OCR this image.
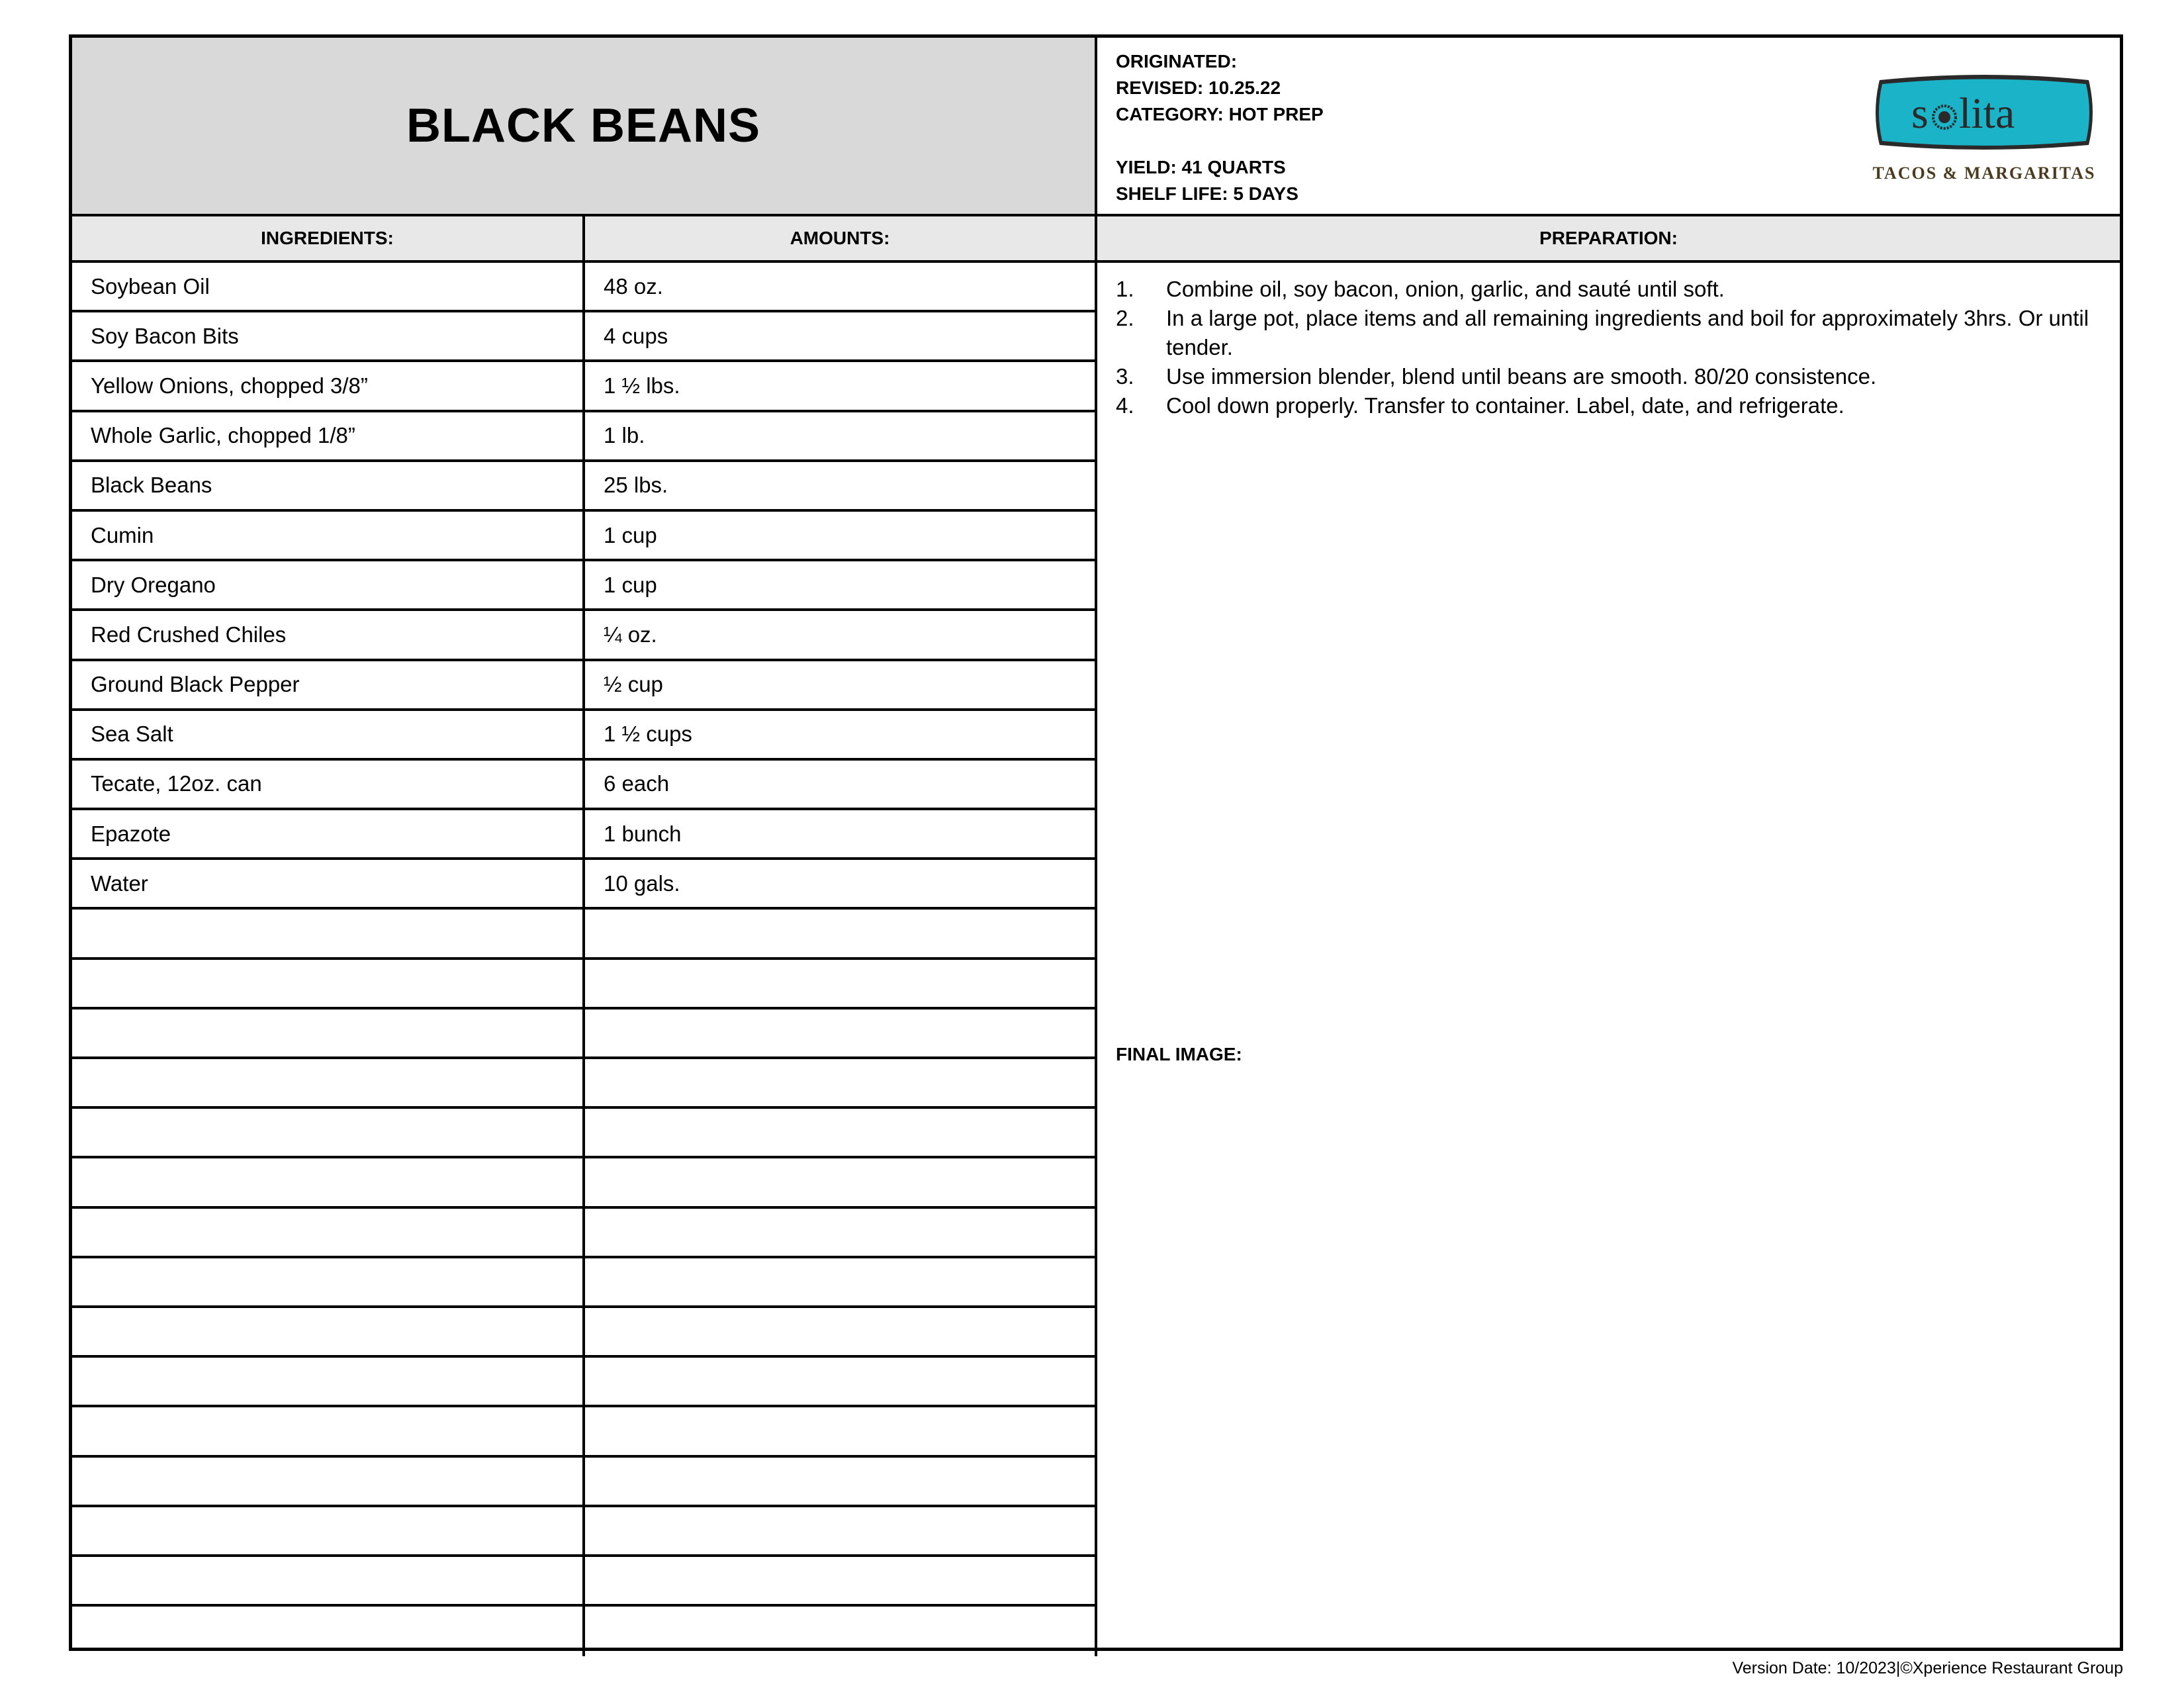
BLACK BEANS
ORIGINATED:
REVISED: 10.25.22
CATEGORY: HOT PREP
YIELD: 41 QUARTS
SHELF LIFE: 5 DAYS
s lita
TACOS & MARGARITAS
INGREDIENTS:	AMOUNTS:	PREPARATION:
Soybean Oil	48 oz.
Soy Bacon Bits	4 cups
Yellow Onions, chopped 3/8”	1 ½ lbs.
Whole Garlic, chopped 1/8”	1 lb.
Black Beans	25 lbs.
Cumin	1 cup
Dry Oregano	1 cup
Red Crushed Chiles	¼ oz.
Ground Black Pepper	½ cup
Sea Salt	1 ½ cups
Tecate, 12oz. can	6 each
Epazote	1 bunch
Water	10 gals.
1.	Combine oil, soy bacon, onion, garlic, and sauté until soft.
2.	In a large pot, place items and all remaining ingredients and boil for approximately 3hrs. Or until tender.
3.	Use immersion blender, blend until beans are smooth. 80/20 consistence.
4.	Cool down properly. Transfer to container. Label, date, and refrigerate.
FINAL IMAGE:
Version Date: 10/2023|©Xperience Restaurant Group
